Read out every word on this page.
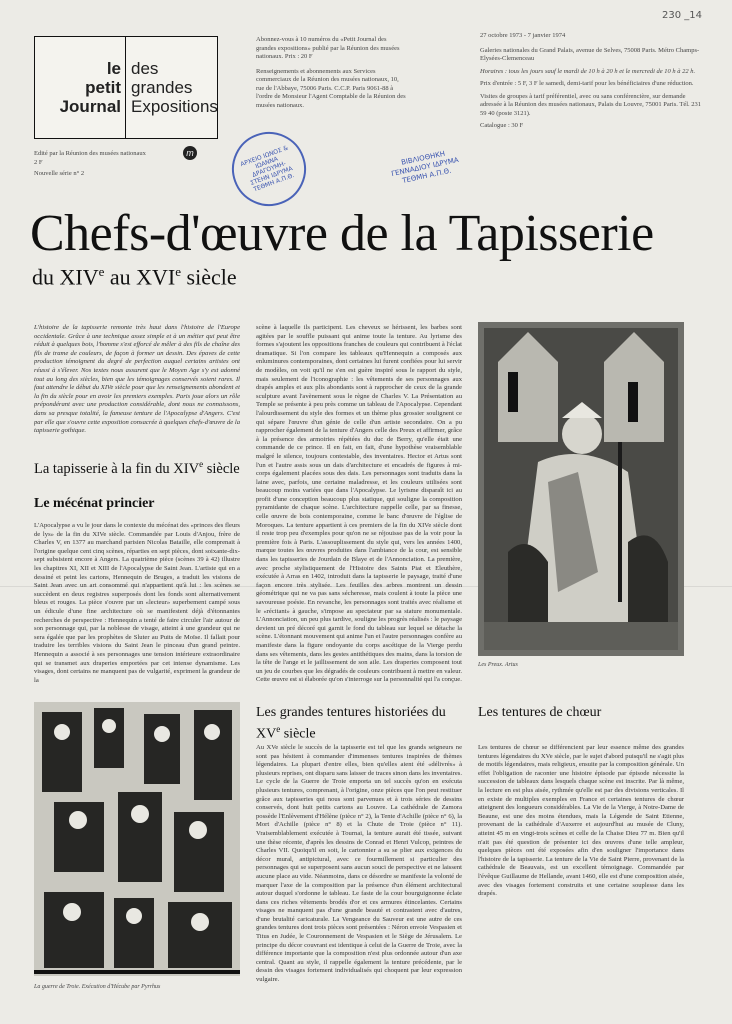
230 _14
le
petit
Journal
des
grandes
Expositions
Edité par la Réunion des musées nationaux
2 F
Nouvelle série n° 2
m
Abonnez-vous à 10 numéros du «Petit Journal des grandes expositions» publié par la Réunion des musées nationaux. Prix : 20 F
Renseignements et abonnements aux Services commerciaux de la Réunion des musées nationaux, 10, rue de l'Abbaye, 75006 Paris. C.C.P. Paris 9061-88 à l'ordre de Monsieur l'Agent Comptable de la Réunion des musées nationaux.
27 octobre 1973 - 7 janvier 1974
Galeries nationales du Grand Palais, avenue de Selves, 75008 Paris. Métro Champs-Elysées-Clemenceau
Horaires : tous les jours sauf le mardi de 10 h à 20 h et le mercredi de 10 h à 22 h.
Prix d'entrée : 5 F, 3 F le samedi, demi-tarif pour les bénéficiaires d'une réduction.
Visites de groupes à tarif préférentiel, avec ou sans conférencière, sur demande adressée à la Réunion des musées nationaux, Palais du Louvre, 75001 Paris. Tél. 231 59 40 (poste 3121).
Catalogue : 30 F
ΑΡΧΕΙΟ ΙΩΝΟΣ & ΙΩΑΝΝΑ ΔΡΑΓΟΥΜΗ-ΣΤΕΗΝ ΙΔΡΥΜΑ ΤΕΘΜΗ Α.Π.Θ.
ΒΙΒΛΙΟΘΗΚΗ ΓΕΝΝΑΔΙΟΥ ΙΔΡΥΜΑ ΤΕΘΜΗ Α.Π.Θ.
Chefs-d'œuvre de la Tapisserie
du XIVe au XVIe siècle
L'histoire de la tapisserie remonte très haut dans l'histoire de l'Europe occidentale. Grâce à une technique assez simple et à un métier qui peut être réduit à quelques bois, l'homme s'est efforcé de mêler à des fils de chaîne des fils de trame de couleurs, de façon à former un dessin. Des épaves de cette production témoignent du degré de perfection auquel certains artistes ont réussi à s'élever. Nos textes nous assurent que le Moyen Age s'y est adonné tout au long des siècles, bien que les témoignages conservés soient rares. Il faut attendre le début du XIVe siècle pour que les renseignements abondent et la fin du siècle pour en avoir les premiers exemples. Paris joue alors un rôle prépondérant avec une production considérable, dont nous ne connaissons, dans sa presque totalité, la fameuse tenture de l'Apocalypse d'Angers. C'est par elle que s'ouvre cette exposition consacrée à quelques chefs-d'œuvre de la tapisserie gothique.
La tapisserie à la fin du XIVe siècle
Le mécénat princier
L'Apocalypse a vu le jour dans le contexte du mécénat des «princes des fleurs de lys» de la fin du XIVe siècle. Commandée par Louis d'Anjou, frère de Charles V, en 1377 au marchand parisien Nicolas Bataille, elle comprenait à l'origine quelque cent cinq scènes, réparties en sept pièces, dont soixante-dix-sept subsistent encore à Angers. La quatrième pièce (scènes 39 à 42) illustre les chapitres XI, XII et XIII de l'Apocalypse de Saint Jean. L'artiste qui en a dessiné et peint les cartons, Hennequin de Bruges, a traduit les visions de Saint Jean avec un art consommé qui n'appartient qu'à lui : les scènes se succèdent en deux registres superposés dont les fonds sont alternativement bleus et rouges. La pièce s'ouvre par un «lecteur» superbement campé sous un édicule d'une fine architecture où se manifestent déjà d'étonnantes recherches de perspective : Hennequin a tenté de faire circuler l'air autour de son personnage qui, par la noblesse de visage, atteint à une grandeur qui ne sera égalée que par les prophètes de Sluter au Puits de Moïse. Il fallait pour traduire les terribles visions du Saint Jean le pinceau d'un grand peintre. Hennequin a associé à ses personnages une tension intérieure extraordinaire qui se transmet aux draperies emportées par cet intense dynamisme. Les visages, dont certains ne manquent pas de vulgarité, expriment la grandeur de la
scène à laquelle ils participent. Les cheveux se hérissent, les barbes sont agitées par le souffle puissant qui anime toute la tenture. Au lyrisme des formes s'ajoutent les oppositions franches de couleurs qui contribuent à l'éclat dramatique. Si l'on compare les tableaux qu'Hennequin a composés aux enluminures contemporaines, dont certaines lui furent confiées pour lui servir de modèles, on voit qu'il ne s'en est guère inspiré sous le rapport du style, mais seulement de l'iconographie : les vêtements de ses personnages aux drapés amples et aux plis abondants sont à rapprocher de ceux de la grande sculpture avant l'avènement sous le règne de Charles V. La Présentation au Temple se présente à peu près comme un tableau de l'Apocalypse. Cependant l'alourdissement du style des formes et un thème plus grossier soulignent ce qui sépare l'œuvre d'un génie de celle d'un artiste secondaire. On a pu rapprocher également de la tenture d'Angers celle des Preux et affirmer, grâce à la présence des armoiries répétées du duc de Berry, qu'elle était une commande de ce prince. Il en fait, en fait, d'une hypothèse vraisemblable malgré le silence, toujours contestable, des inventaires. Hector et Artus sont l'un et l'autre assis sous un dais d'architecture et encadrés de figures à mi-corps également placées sous des dais. Les personnages sont traduits dans la laine avec, parfois, une certaine maladresse, et les couleurs utilisées sont beaucoup moins variées que dans l'Apocalypse. Le lyrisme disparaît ici au profit d'une conception beaucoup plus statique, qui souligne la composition pyramidante de chaque scène. L'architecture rappelle celle, par sa finesse, celle œuvre de bois contemporaine, comme le banc d'œuvre de l'église de Moroques. La tenture appartient à ces premiers de la fin du XIVe siècle dont il reste trop peu d'exemples pour qu'on ne se réjouisse pas de la voir pour la première fois à Paris. L'assouplissement du style qui, vers les années 1400, marque toutes les œuvres produites dans l'ambiance de la cour, est sensible dans les tapisseries de Jourdain de Blaye et de l'Annonciation. La première, avec proche stylistiquement de l'Histoire des Saints Piat et Eleuthère, exécutée à Arras en 1402, introduit dans la tapisserie le paysage, traité d'une façon encore très stylisée. Les feuilles des arbres montrent un dessin géométrique qui ne va pas sans sécheresse, mais coulent à toute la pièce une savoureuse poésie. En revanche, les personnages sont traités avec réalisme et le «récitant» à gauche, s'impose au spectateur par sa stature monumentale. L'Annonciation, un peu plus tardive, souligne les progrès réalisés : le paysage devient un pré décoré qui garnit le fond du tableau sur lequel se détache la scène. L'étonnant mouvement qui anime l'un et l'autre personnages confère au manifeste dans la figure ondoyante du corps ascétique de la Vierge perdu dans ses vêtements, dans les gestes antithétiques des mains, dans la torsion de la tête de l'ange et le jaillissement de son aile. Les draperies composent tout un jeu de courbes que les dégradés de couleurs contribuent à mettre en valeur. Cette œuvre est si élaborée qu'on s'interroge sur la personnalité qui l'a conçue.
Les Preux. Artus
La guerre de Troie. Exécution d'Hécube par Pyrrhus
Les grandes tentures historiées du XVe siècle
Au XVe siècle le succès de la tapisserie est tel que les grands seigneurs ne sont pas hésitent à commander d'immenses tentures inspirées de thèmes légendaires. La plupart d'entre elles, bien qu'elles aient été «délivrés» à plusieurs reprises, ont disparu sans laisser de traces sinon dans les inventaires. Le cycle de la Guerre de Troie emporta un tel succès qu'on en exécuta plusieurs tentures, comprenant, à l'origine, onze pièces que l'on peut restituer grâce aux tapisseries qui nous sont parvenues et à trois séries de dessins conservés, dont huit petits cartons au Louvre. La cathédrale de Zamora possède l'Enlèvement d'Hélène (pièce n° 2), la Tente d'Achille (pièce n° 6), la Mort d'Achille (pièce n° 8) et la Chute de Troie (pièce n° 11). Vraisemblablement exécutée à Tournai, la tenture aurait été tissée, suivant une thèse récente, d'après les dessins de Conrad et Henri Vulcop, peintres de Charles VII. Quoiqu'il en soit, le cartonnier a su se plier aux exigences du décor mural, antipictural, avec ce fourmillement si particulier des personnages qui se superposent sans aucun souci de perspective et ne laissent aucune place au vide. Néanmoins, dans ce désordre se manifeste la volonté de marquer l'axe de la composition par la présence d'un élément architectural autour duquel s'ordonne le tableau. Le faste de la cour bourguignonne éclate dans ces riches vêtements brodés d'or et ces armures étincelantes. Certains visages ne manquent pas d'une grande beauté et contrastent avec d'autres, d'une brutalité caricaturale. La Vengeance du Sauveur est une autre de ces grandes tentures dont trois pièces sont présentées : Néron envoie Vespasien et Titus en Judée, le Couronnement de Vespasien et le Siège de Jérusalem. Le principe du décor couvrant est identique à celui de la Guerre de Troie, avec la différence importante que la composition n'est plus ordonnée autour d'un axe central. Quant au style, il rappelle également la tenture précédente, par le dessin des visages fortement individualisés qui choquent par leur expression vulgaire.
Les tentures de chœur
Les tentures de chœur se différencient par leur essence même des grandes tentures légendaires du XVe siècle, par le sujet d'abord puisqu'il ne s'agit plus de motifs légendaires, mais religieux, ensuite par la composition générale. Un effet l'obligation de raconter une histoire épisode par épisode nécessite la succession de tableaux dans lesquels chaque scène est inscrite. Par là même, la lecture en est plus aisée, rythmée qu'elle est par des divisions verticales. Il en existe de multiples exemples en France et certaines tentures de chœur atteignent des longueurs considérables. La Vie de la Vierge, à Notre-Dame de Beaune, est une des moins étendues, mais la Légende de Saint Etienne, provenant de la cathédrale d'Auxerre et aujourd'hui au musée de Cluny, atteint 45 m en vingt-trois scènes et celle de la Chaise Dieu 77 m. Bien qu'il n'ait pas été question de présenter ici des œuvres d'une telle ampleur, quelques pièces ont été exposées afin d'en souligner l'importance dans l'histoire de la tapisserie. La tenture de la Vie de Saint Pierre, provenant de la cathédrale de Beauvais, est un excellent témoignage. Commandée par l'évêque Guillaume de Hellande, avant 1460, elle est d'une composition aisée, avec des visages fortement construits et une certaine souplesse dans les drapés.
